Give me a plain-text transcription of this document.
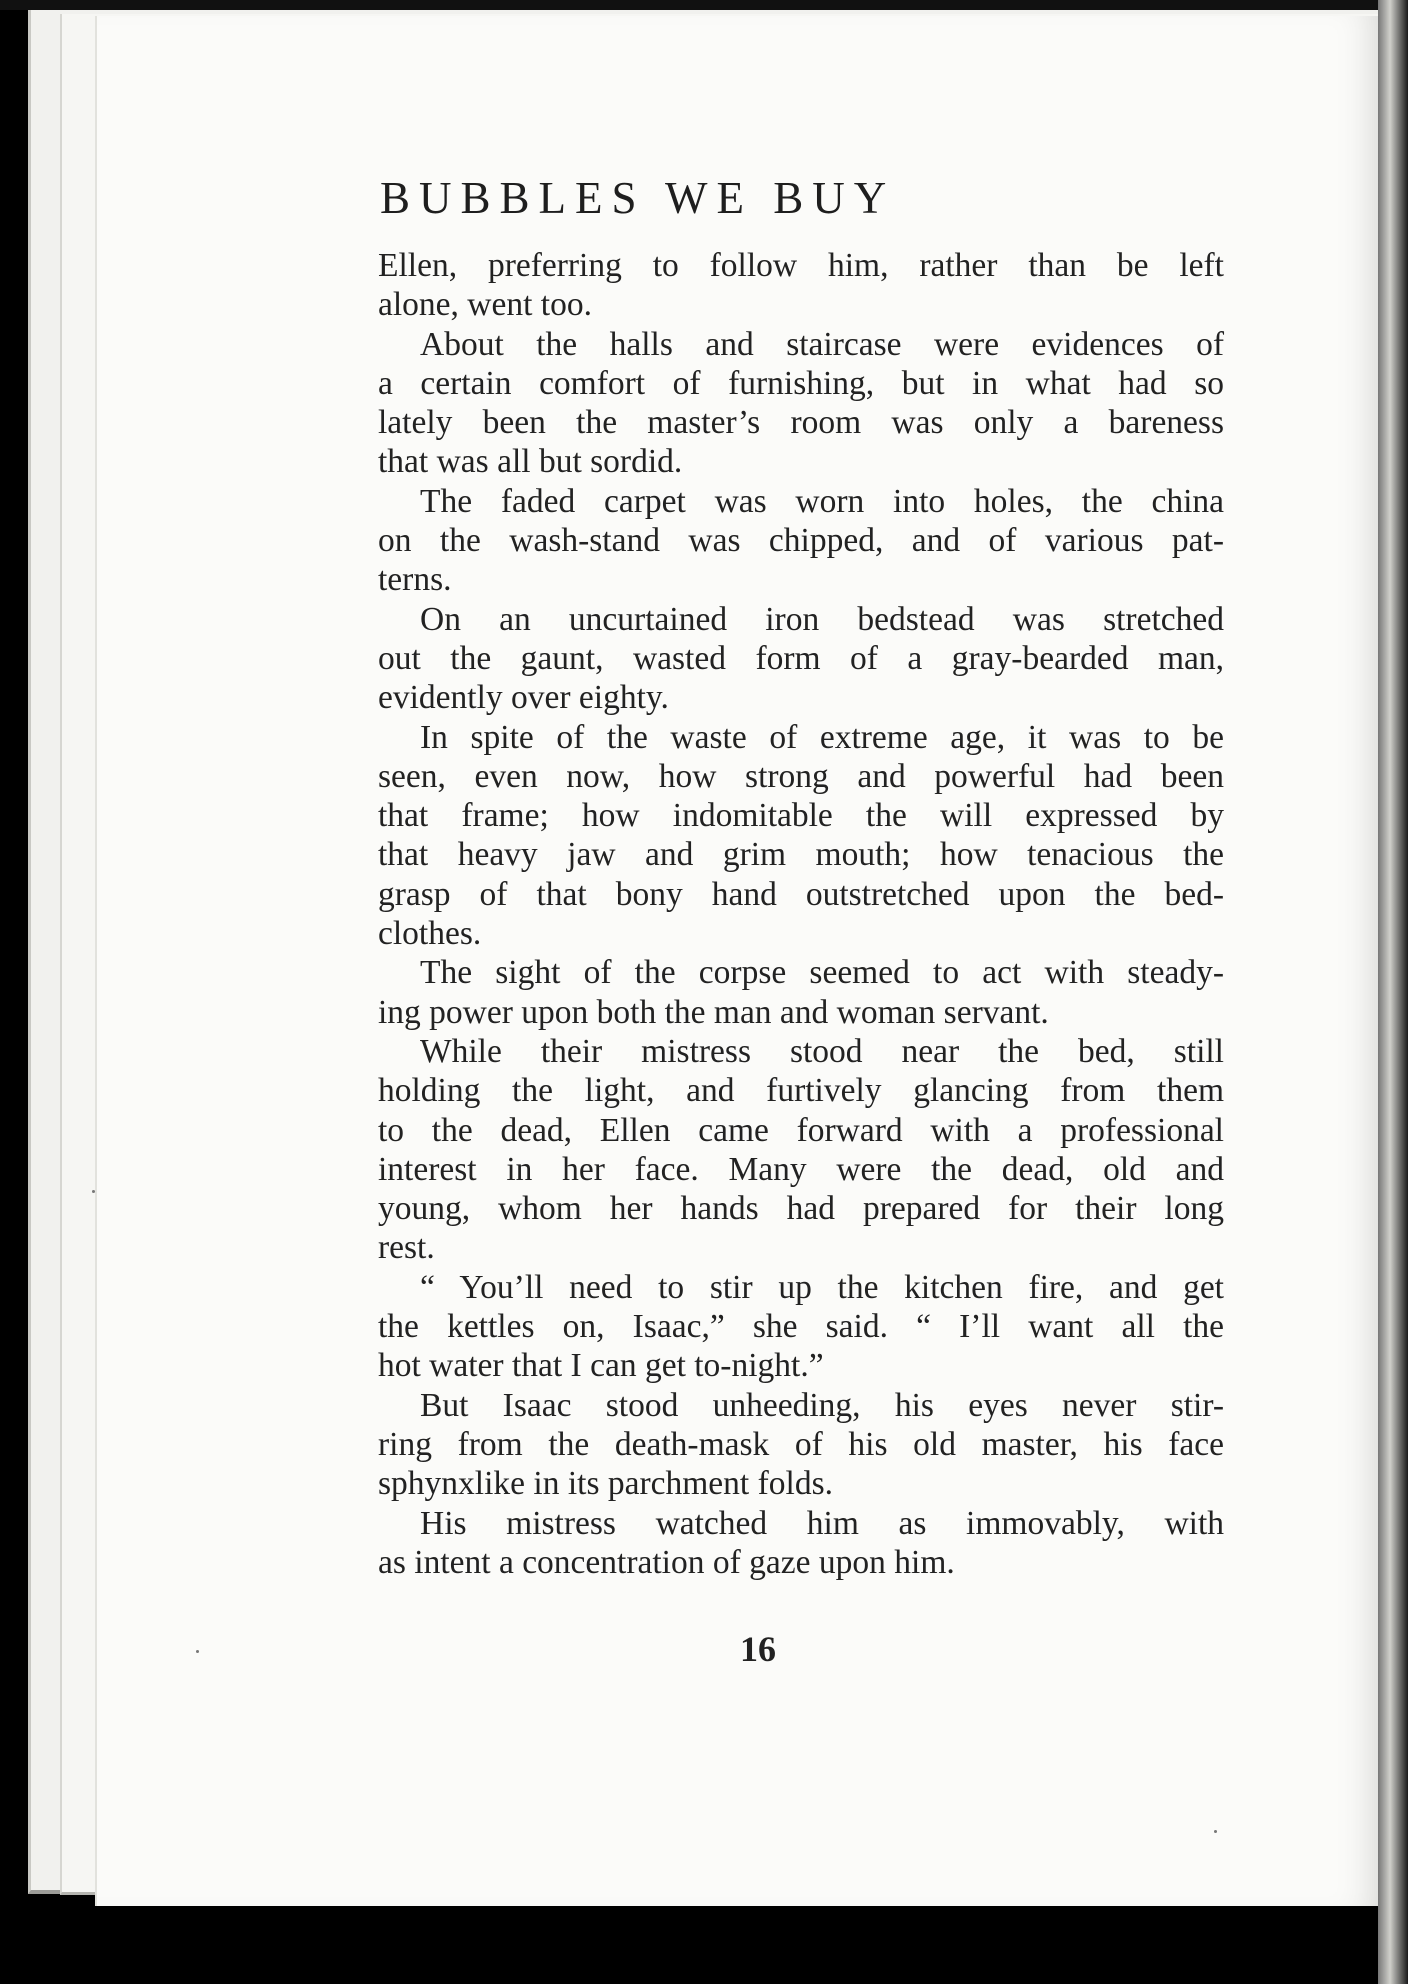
BUBBLES WE BUY

Ellen, preferring to follow him, rather than be left
alone, went too.

About the halls and staircase were evidences of
a certain comfort of furnishing, but in what had so
lately been the master’s room was only a bareness
that was all but sordid.

The faded carpet was worn into holes, the china
on the wash-stand was chipped, and of various pat-
terns.

On an uncurtained iron bedstead was stretched
out the gaunt, wasted form of a gray-bearded man,
evidently over eighty.

In spite of the waste of extreme age, it was to be
seen, even now, how strong and powerful had been
that frame; how indomitable the will expressed by
that heavy jaw and grim mouth; how tenacious the
grasp of that bony hand outstretched upon the bed-
clothes.

The sight of the corpse seemed to act with steady-
ing power upon both the man and woman servant.

While their mistress stood near the bed, still
holding the light, and furtively glancing from them
to the dead, Ellen came forward with a professional
interest in her face. Many were the dead, old and
young, whom her hands had prepared for their long
rest.

“ You’ll need to stir up the kitchen fire, and get
the kettles on, Isaac,” she said. “ I’ll want all the
hot water that I can get to-night.”

But Isaac stood unheeding, his eyes never stir-
ring from the death-mask of his old master, his face
sphynxlike in its parchment folds.

His mistress watched him as immovably, with
as intent a concentration of gaze upon him.

16
